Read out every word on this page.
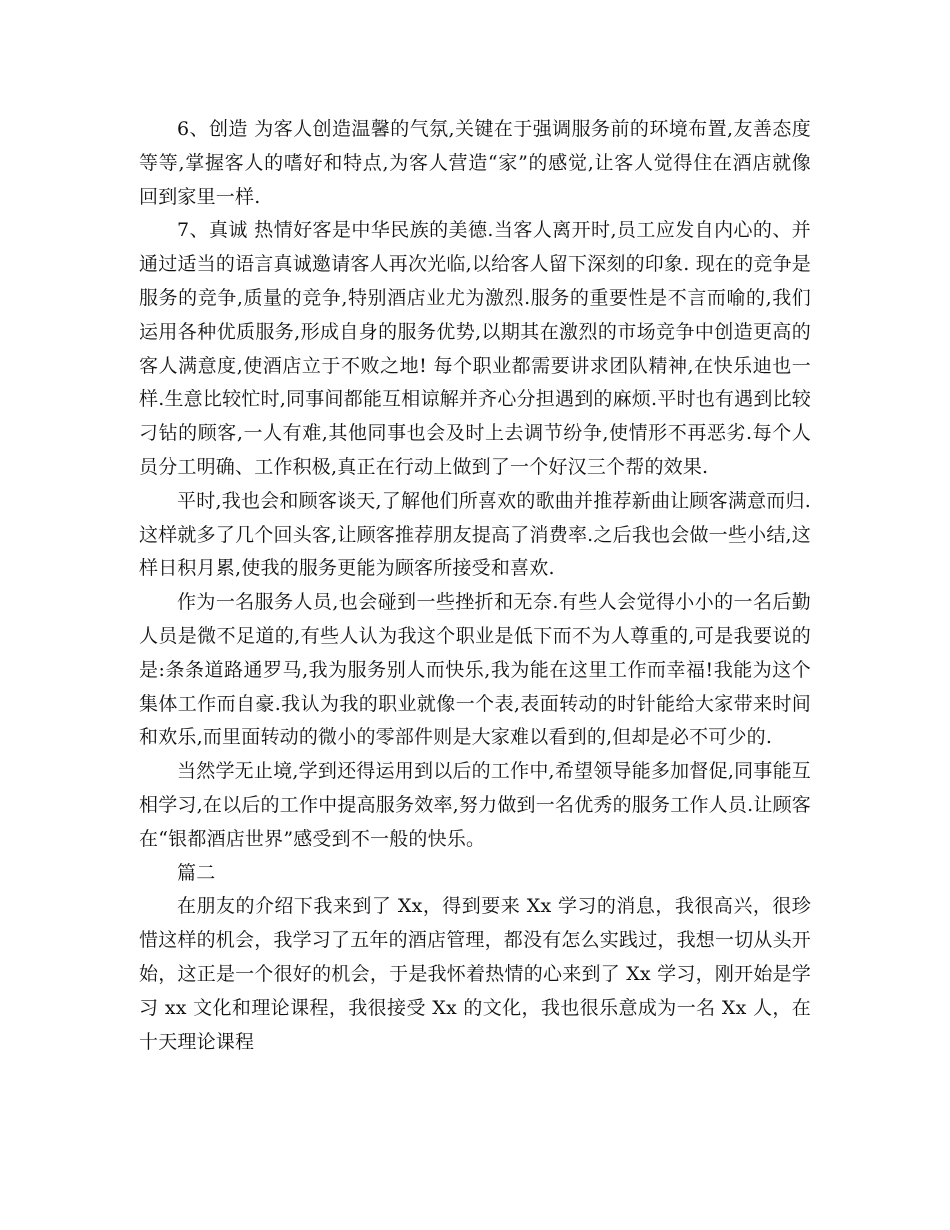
6、创造 为客人创造温馨的气氛,关键在于强调服务前的环境布置,友善态度等等,掌握客人的嗜好和特点,为客人营造“家”的感觉,让客人觉得住在酒店就像回到家里一样.

7、真诚 热情好客是中华民族的美德.当客人离开时,员工应发自内心的、并通过适当的语言真诚邀请客人再次光临,以给客人留下深刻的印象. 现在的竞争是服务的竞争,质量的竞争,特别酒店业尤为激烈.服务的重要性是不言而喻的,我们运用各种优质服务,形成自身的服务优势,以期其在激烈的市场竞争中创造更高的客人满意度,使酒店立于不败之地! 每个职业都需要讲求团队精神,在快乐迪也一样.生意比较忙时,同事间都能互相谅解并齐心分担遇到的麻烦.平时也有遇到比较刁钻的顾客,一人有难,其他同事也会及时上去调节纷争,使情形不再恶劣.每个人员分工明确、工作积极,真正在行动上做到了一个好汉三个帮的效果.

平时,我也会和顾客谈天,了解他们所喜欢的歌曲并推荐新曲让顾客满意而归.这样就多了几个回头客,让顾客推荐朋友提高了消费率.之后我也会做一些小结,这样日积月累,使我的服务更能为顾客所接受和喜欢.

作为一名服务人员,也会碰到一些挫折和无奈.有些人会觉得小小的一名后勤人员是微不足道的,有些人认为我这个职业是低下而不为人尊重的,可是我要说的是:条条道路通罗马,我为服务别人而快乐,我为能在这里工作而幸福!我能为这个集体工作而自豪.我认为我的职业就像一个表,表面转动的时针能给大家带来时间和欢乐,而里面转动的微小的零部件则是大家难以看到的,但却是必不可少的.

当然学无止境,学到还得运用到以后的工作中,希望领导能多加督促,同事能互相学习,在以后的工作中提高服务效率,努力做到一名优秀的服务工作人员.让顾客在“银都酒店世界”感受到不一般的快乐。

篇二

在朋友的介绍下我来到了 Xx，得到要来 Xx 学习的消息，我很高兴，很珍惜这样的机会，我学习了五年的酒店管理，都没有怎么实践过，我想一切从头开始，这正是一个很好的机会，于是我怀着热情的心来到了 Xx 学习，刚开始是学习 xx 文化和理论课程，我很接受 Xx 的文化，我也很乐意成为一名 Xx 人，在十天理论课程
